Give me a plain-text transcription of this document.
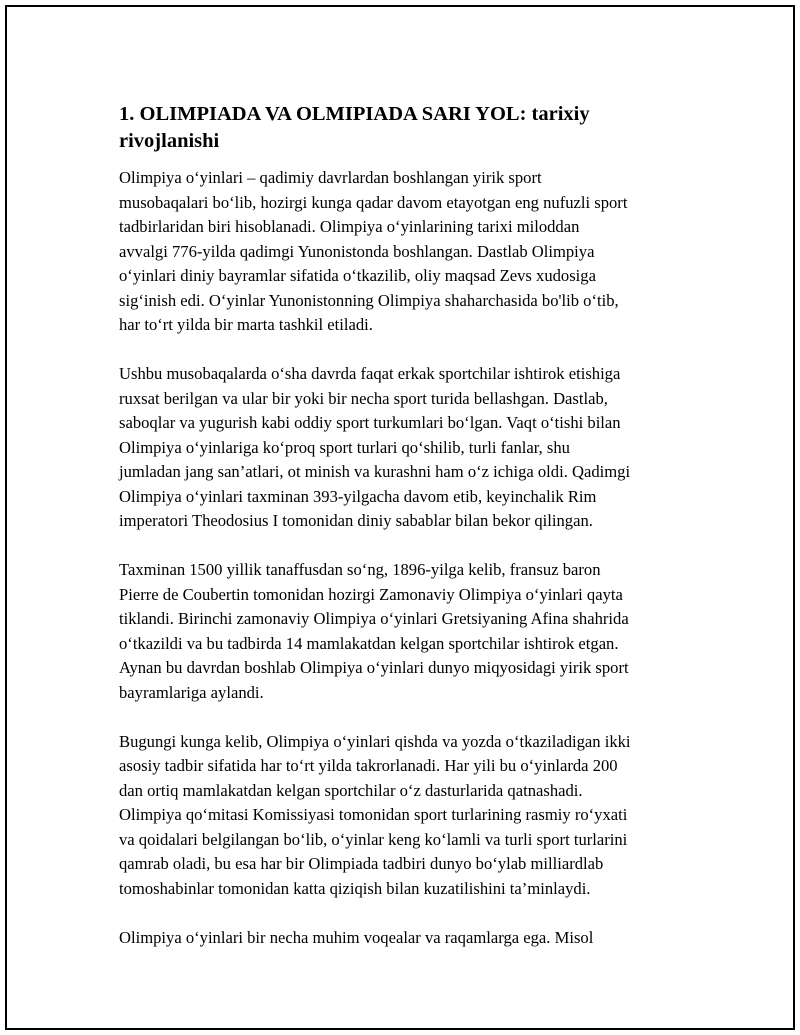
1. OLIMPIADA VA OLMIPIADA SARI YOL: tarixiy
rivojlanishi

Olimpiya o‘yinlari – qadimiy davrlardan boshlangan yirik sport
musobaqalari bo‘lib, hozirgi kunga qadar davom etayotgan eng nufuzli sport
tadbirlaridan biri hisoblanadi. Olimpiya o‘yinlarining tarixi miloddan
avvalgi 776-yilda qadimgi Yunonistonda boshlangan. Dastlab Olimpiya
o‘yinlari diniy bayramlar sifatida o‘tkazilib, oliy maqsad Zevs xudosiga
sig‘inish edi. O‘yinlar Yunonistonning Olimpiya shaharchasida bo'lib o‘tib,
har to‘rt yilda bir marta tashkil etiladi.

Ushbu musobaqalarda o‘sha davrda faqat erkak sportchilar ishtirok etishiga
ruxsat berilgan va ular bir yoki bir necha sport turida bellashgan. Dastlab,
saboqlar va yugurish kabi oddiy sport turkumlari bo‘lgan. Vaqt o‘tishi bilan
Olimpiya o‘yinlariga ko‘proq sport turlari qo‘shilib, turli fanlar, shu
jumladan jang san’atlari, ot minish va kurashni ham o‘z ichiga oldi. Qadimgi
Olimpiya o‘yinlari taxminan 393-yilgacha davom etib, keyinchalik Rim
imperatori Theodosius I tomonidan diniy sabablar bilan bekor qilingan.

Taxminan 1500 yillik tanaffusdan so‘ng, 1896-yilga kelib, fransuz baron
Pierre de Coubertin tomonidan hozirgi Zamonaviy Olimpiya o‘yinlari qayta
tiklandi. Birinchi zamonaviy Olimpiya o‘yinlari Gretsiyaning Afina shahrida
o‘tkazildi va bu tadbirda 14 mamlakatdan kelgan sportchilar ishtirok etgan.
Aynan bu davrdan boshlab Olimpiya o‘yinlari dunyo miqyosidagi yirik sport
bayramlariga aylandi.

Bugungi kunga kelib, Olimpiya o‘yinlari qishda va yozda o‘tkaziladigan ikki
asosiy tadbir sifatida har to‘rt yilda takrorlanadi. Har yili bu o‘yinlarda 200
dan ortiq mamlakatdan kelgan sportchilar o‘z dasturlarida qatnashadi.
Olimpiya qo‘mitasi Komissiyasi tomonidan sport turlarining rasmiy ro‘yxati
va qoidalari belgilangan bo‘lib, o‘yinlar keng ko‘lamli va turli sport turlarini
qamrab oladi, bu esa har bir Olimpiada tadbiri dunyo bo‘ylab milliardlab
tomoshabinlar tomonidan katta qiziqish bilan kuzatilishini ta’minlaydi.

Olimpiya o‘yinlari bir necha muhim voqealar va raqamlarga ega. Misol
